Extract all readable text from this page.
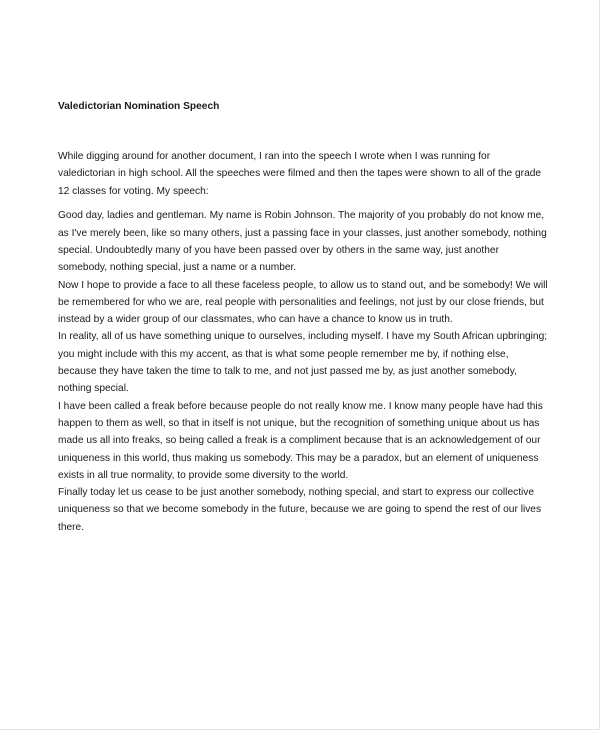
Valedictorian Nomination Speech
While digging around for another document, I ran into the speech I wrote when I was running for
valedictorian in high school. All the speeches were filmed and then the tapes were shown to all of the grade
12 classes for voting. My speech:
Good day, ladies and gentleman. My name is Robin Johnson. The majority of you probably do not know me,
as I've merely been, like so many others, just a passing face in your classes, just another somebody, nothing
special. Undoubtedly many of you have been passed over by others in the same way, just another
somebody, nothing special, just a name or a number.
Now I hope to provide a face to all these faceless people, to allow us to stand out, and be somebody! We will
be remembered for who we are, real people with personalities and feelings, not just by our close friends, but
instead by a wider group of our classmates, who can have a chance to know us in truth.
In reality, all of us have something unique to ourselves, including myself. I have my South African upbringing;
you might include with this my accent, as that is what some people remember me by, if nothing else,
because they have taken the time to talk to me, and not just passed me by, as just another somebody,
nothing special.
I have been called a freak before because people do not really know me. I know many people have had this
happen to them as well, so that in itself is not unique, but the recognition of something unique about us has
made us all into freaks, so being called a freak is a compliment because that is an acknowledgement of our
uniqueness in this world, thus making us somebody. This may be a paradox, but an element of uniqueness
exists in all true normality, to provide some diversity to the world.
Finally today let us cease to be just another somebody, nothing special, and start to express our collective
uniqueness so that we become somebody in the future, because we are going to spend the rest of our lives
there.
